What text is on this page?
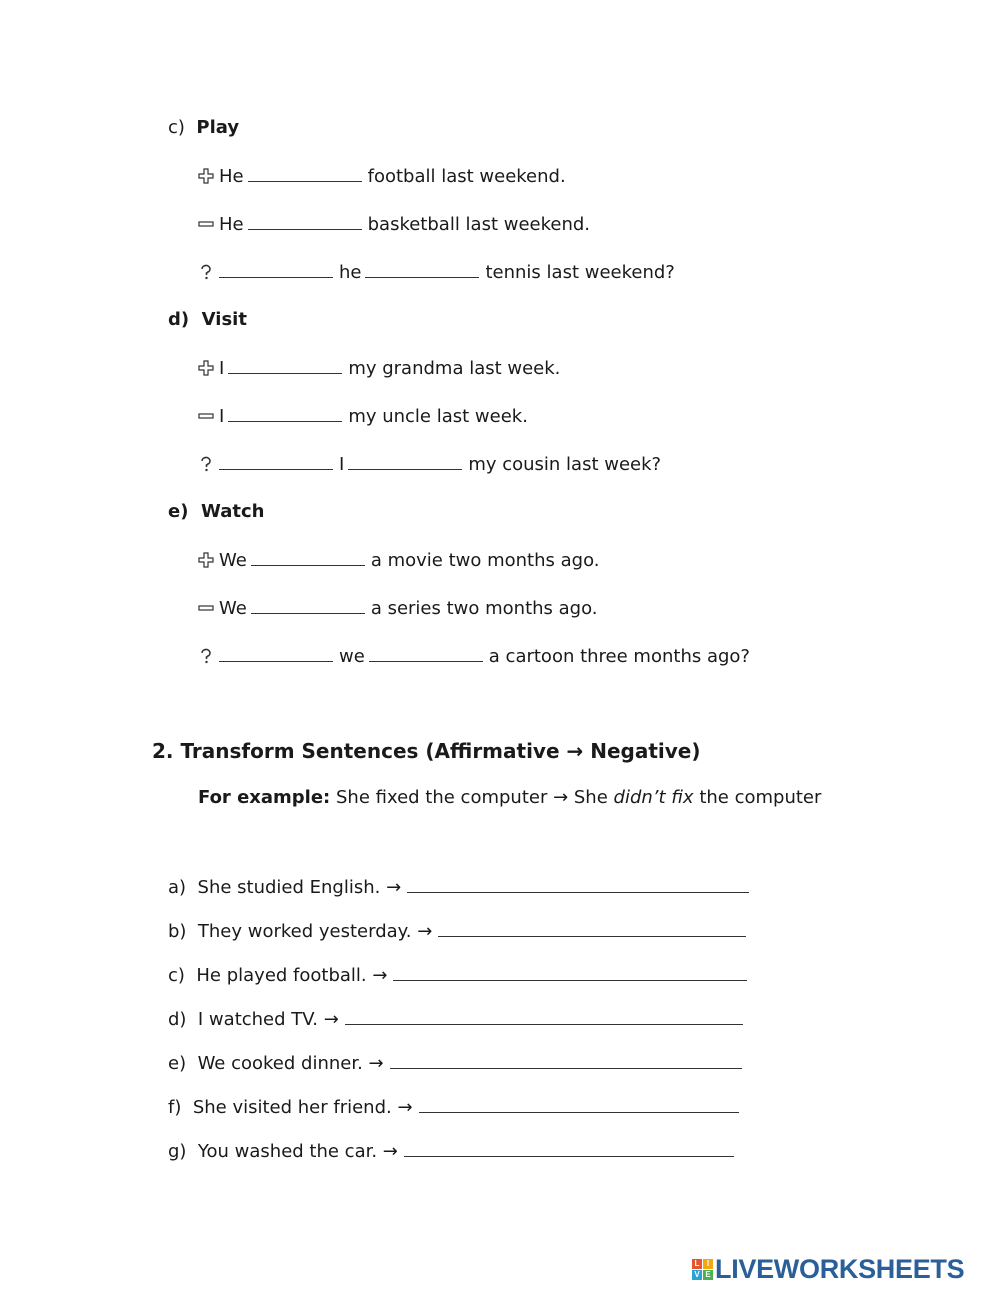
c) Play
He	football last weekend.
He	basketball last weekend.
he	tennis last weekend?
d) Visit
I	my grandma last week.
I	my uncle last week.
I	my cousin last week?
e) Watch
We	a movie two months ago.
We	a series two months ago.
we	a cartoon three months ago?
2. Transform Sentences (Affirmative → Negative)
For example: She fixed the computer → She didn’t fix the computer
a) She studied English. →
b) They worked yesterday. →
c) He played football. →
d) I watched TV. →
e) We cooked dinner. →
f) She visited her friend. →
g) You washed the car. →
L I
V E LIVEWORKSHEETS
